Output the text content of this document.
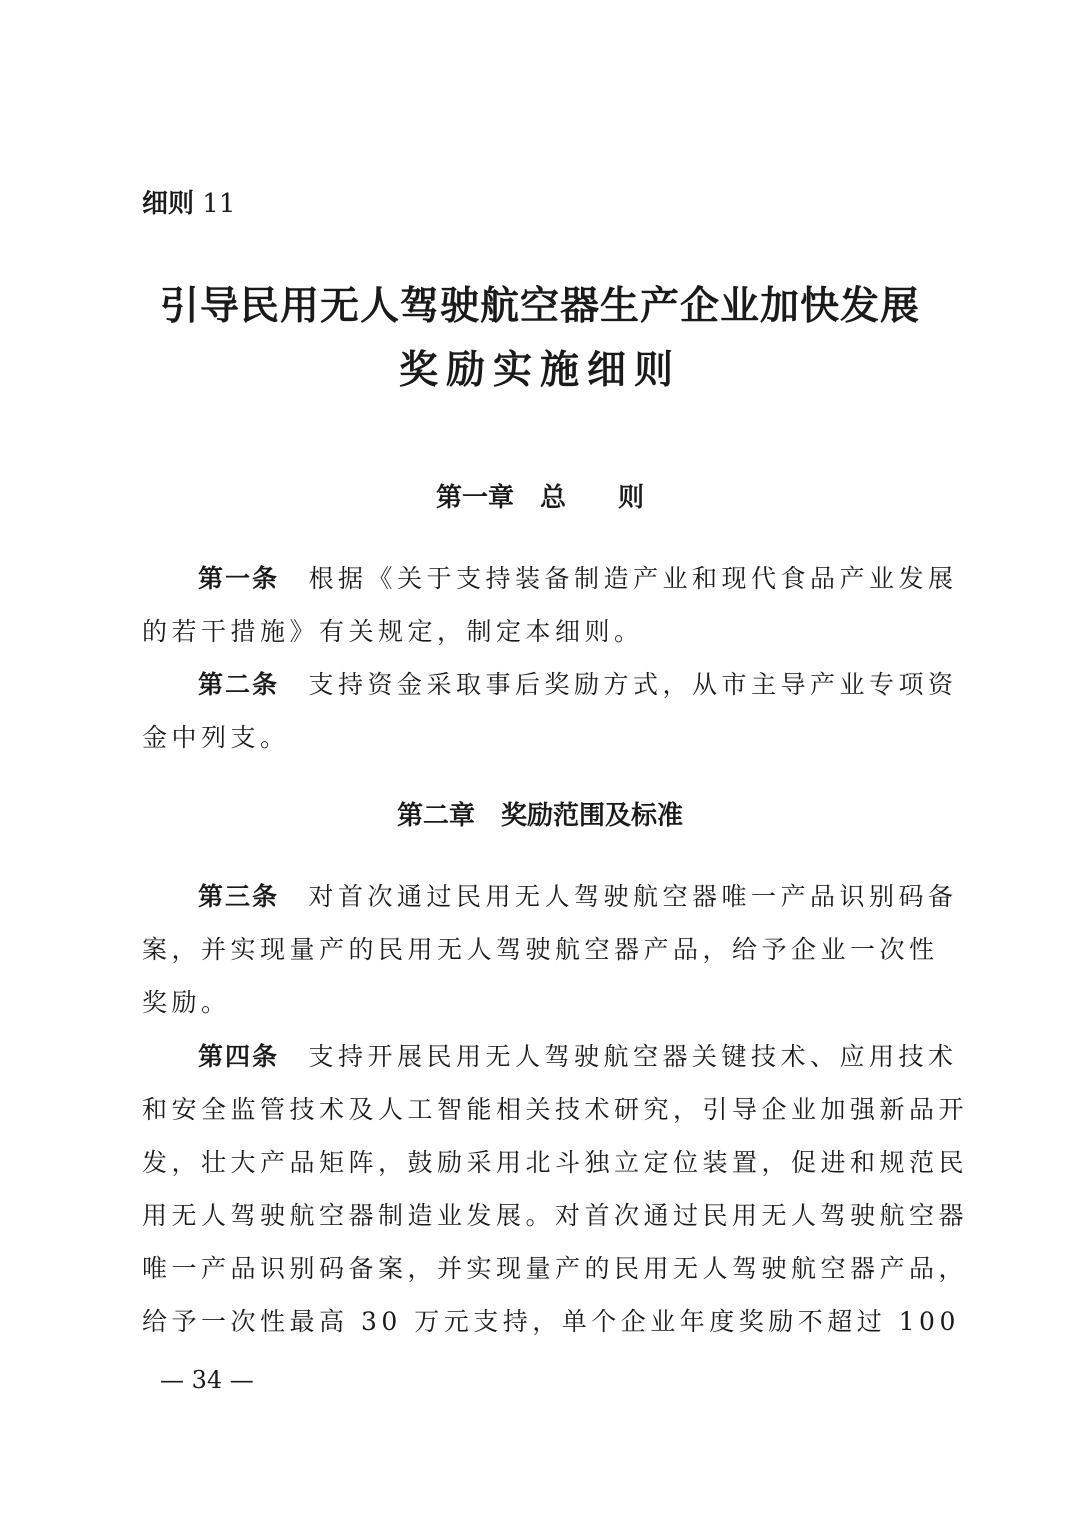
细则 11
引导民用无人驾驶航空器生产企业加快发展
奖励实施细则
第一章　总　　则
第一条　 根据《关于支持装备制造产业和现代食品产业发展
的若干措施》有关规定，制定本细则。
第二条　 支持资金采取事后奖励方式，从市主导产业专项资
金中列支。
第二章　奖励范围及标准
第三条　 对首次通过民用无人驾驶航空器唯一产品识别码备
案，并实现量产的民用无人驾驶航空器产品，给予企业一次性
奖励。
第四条　 支持开展民用无人驾驶航空器关键技术、应用技术
和安全监管技术及人工智能相关技术研究，引导企业加强新品开
发，壮大产品矩阵，鼓励采用北斗独立定位装置，促进和规范民
用无人驾驶航空器制造业发展。对首次通过民用无人驾驶航空器
唯一产品识别码备案，并实现量产的民用无人驾驶航空器产品，
给予一次性最高 30 万元支持，单个企业年度奖励不超过 100
— 34 —
